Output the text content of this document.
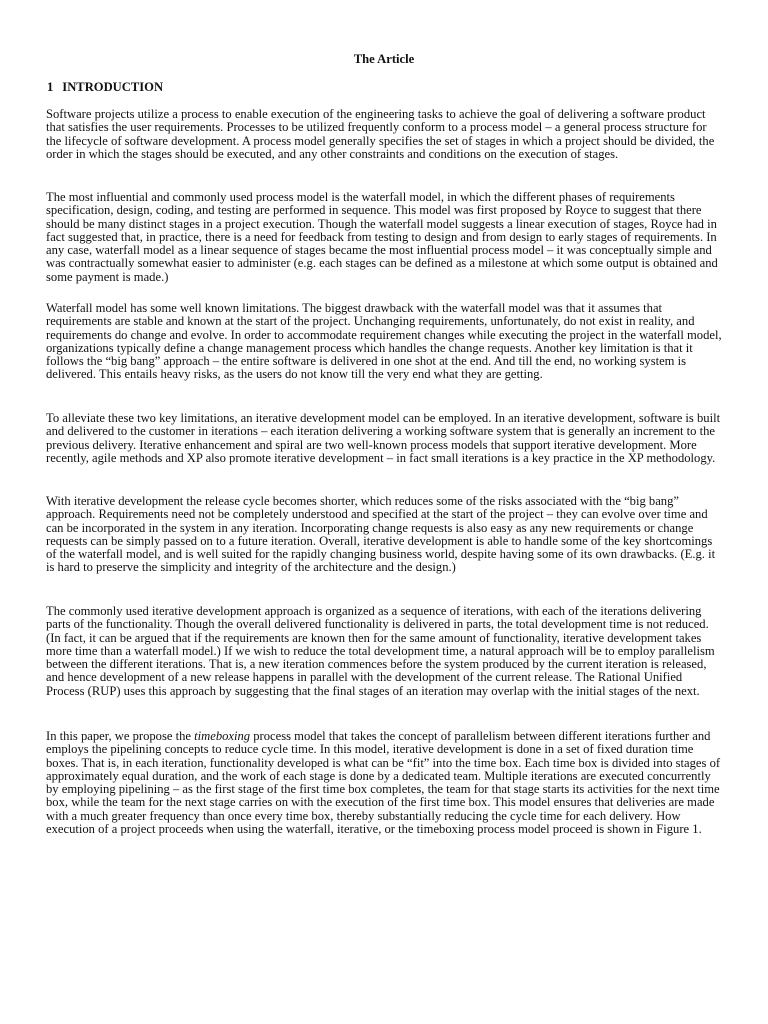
The Article
1 INTRODUCTION

Software projects utilize a process to enable execution of the engineering tasks to achieve the goal of delivering a software product that satisfies the user requirements. Processes to be utilized frequently conform to a process model – a general process structure for the lifecycle of software development. A process model generally specifies the set of stages in which a project should be divided, the order in which the stages should be executed, and any other constraints and conditions on the execution of stages.

The most influential and commonly used process model is the waterfall model, in which the different phases of requirements specification, design, coding, and testing are performed in sequence. This model was first proposed by Royce to suggest that there should be many distinct stages in a project execution. Though the waterfall model suggests a linear execution of stages, Royce had in fact suggested that, in practice, there is a need for feedback from testing to design and from design to early stages of requirements. In any case, waterfall model as a linear sequence of stages became the most influential process model – it was conceptually simple and was contractually somewhat easier to administer (e.g. each stages can be defined as a milestone at which some output is obtained and some payment is made.)

Waterfall model has some well known limitations. The biggest drawback with the waterfall model was that it assumes that requirements are stable and known at the start of the project. Unchanging requirements, unfortunately, do not exist in reality, and requirements do change and evolve. In order to accommodate requirement changes while executing the project in the waterfall model, organizations typically define a change management process which handles the change requests. Another key limitation is that it follows the “big bang” approach – the entire software is delivered in one shot at the end. And till the end, no working system is delivered. This entails heavy risks, as the users do not know till the very end what they are getting.

To alleviate these two key limitations, an iterative development model can be employed. In an iterative development, software is built and delivered to the customer in iterations – each iteration delivering a working software system that is generally an increment to the previous delivery. Iterative enhancement and spiral are two well-known process models that support iterative development. More recently, agile methods and XP also promote iterative development – in fact small iterations is a key practice in the XP methodology.

With iterative development the release cycle becomes shorter, which reduces some of the risks associated with the “big bang” approach. Requirements need not be completely understood and specified at the start of the project – they can evolve over time and can be incorporated in the system in any iteration. Incorporating change requests is also easy as any new requirements or change requests can be simply passed on to a future iteration. Overall, iterative development is able to handle some of the key shortcomings of the waterfall model, and is well suited for the rapidly changing business world, despite having some of its own drawbacks. (E.g. it is hard to preserve the simplicity and integrity of the architecture and the design.)

The commonly used iterative development approach is organized as a sequence of iterations, with each of the iterations delivering parts of the functionality. Though the overall delivered functionality is delivered in parts, the total development time is not reduced. (In fact, it can be argued that if the requirements are known then for the same amount of functionality, iterative development takes more time than a waterfall model.) If we wish to reduce the total development time, a natural approach will be to employ parallelism between the different iterations. That is, a new iteration commences before the system produced by the current iteration is released, and hence development of a new release happens in parallel with the development of the current release. The Rational Unified Process (RUP) uses this approach by suggesting that the final stages of an iteration may overlap with the initial stages of the next.

In this paper, we propose the timeboxing process model that takes the concept of parallelism between different iterations further and employs the pipelining concepts to reduce cycle time. In this model, iterative development is done in a set of fixed duration time boxes. That is, in each iteration, functionality developed is what can be “fit” into the time box. Each time box is divided into stages of approximately equal duration, and the work of each stage is done by a dedicated team. Multiple iterations are executed concurrently by employing pipelining – as the first stage of the first time box completes, the team for that stage starts its activities for the next time box, while the team for the next stage carries on with the execution of the first time box. This model ensures that deliveries are made with a much greater frequency than once every time box, thereby substantially reducing the cycle time for each delivery. How execution of a project proceeds when using the waterfall, iterative, or the timeboxing process model proceed is shown in Figure 1.
